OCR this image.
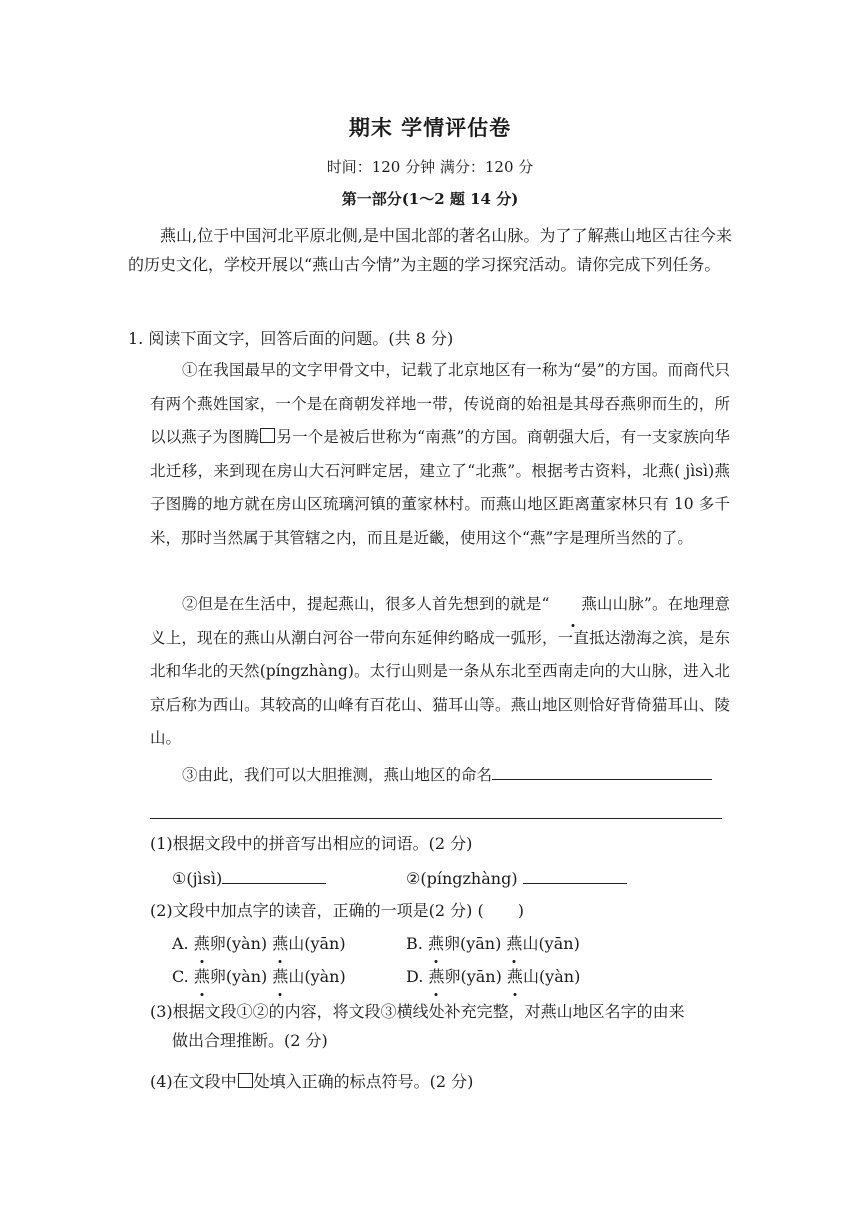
期末 学情评估卷
时间：120 分钟 满分：120 分
第一部分(1～2 题 14 分)
燕山,位于中国河北平原北侧,是中国北部的著名山脉。为了了解燕山地区古往今来的历史文化，学校开展以“燕山古今情”为主题的学习探究活动。请你完成下列任务。
1. 阅读下面文字，回答后面的问题。(共 8 分)
①在我国最早的文字甲骨文中，记载了北京地区有一称为“晏”的方国。而商代只有两个燕姓国家，一个是在商朝发祥地一带，传说商的始祖是其母吞燕卵而生的，所以以燕子为图腾 另一个是被后世称为“南燕”的方国。商朝强大后，有一支家族向华北迁移，来到现在房山大石河畔定居，建立了“北燕”。根据考古资料，北燕( jìsì)燕子图腾的地方就在房山区琉璃河镇的董家林村。而燕山地区距离董家林只有 10 多千米，那时当然属于其管辖之内，而且是近畿，使用这个“燕”字是理所当然的了。
②但是在生活中，提起燕山，很多人首先想到的就是“ 燕山山脉”。在地理意义上，现在的燕山从潮白河谷一带向东延伸约略成一弧形，一直抵达渤海之滨，是东北和华北的天然(píngzhàng)。太行山则是一条从东北至西南走向的大山脉，进入北京后称为西山。其较高的山峰有百花山、猫耳山等。燕山地区则恰好背倚猫耳山、陵山。
③由此，我们可以大胆推测，燕山地区的命名
(1)根据文段中的拼音写出相应的词语。(2 分)
①(jìsì)	②(píngzhàng)
(2)文段中加点字的读音，正确的一项是(2 分) ( )
A. 燕卵(yàn) 燕山(yān)	B. 燕卵(yān) 燕山(yān)
C. 燕卵(yàn) 燕山(yàn)	D. 燕卵(yān) 燕山(yàn)
(3)根据文段①②的内容，将文段③横线处补充完整，对燕山地区名字的由来
做出合理推断。(2 分)
(4)在文段中 处填入正确的标点符号。(2 分)
